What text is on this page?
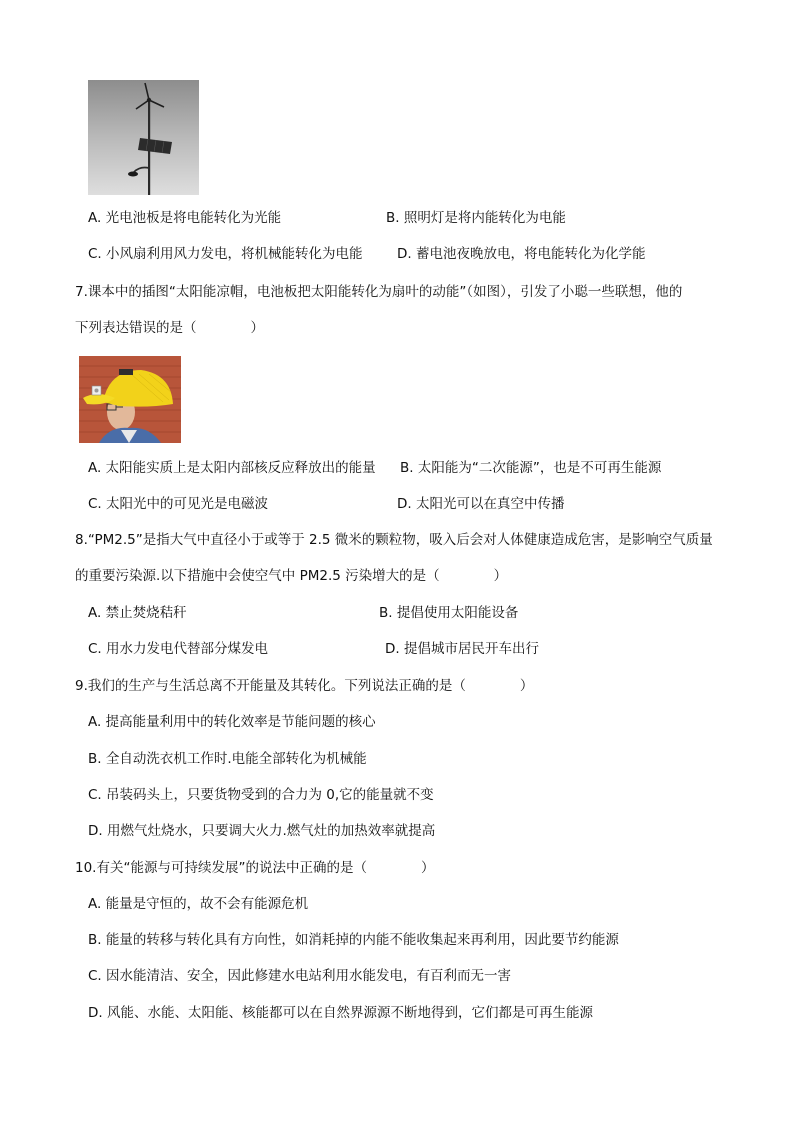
A. 光电池板是将电能转化为光能	B. 照明灯是将内能转化为电能
C. 小风扇利用风力发电，将机械能转化为电能	D. 蓄电池夜晚放电，将电能转化为化学能
7.课本中的插图“太阳能凉帽，电池板把太阳能转化为扇叶的动能”（如图），引发了小聪一些联想，他的
下列表达错误的是（　　　　）
A. 太阳能实质上是太阳内部核反应释放出的能量 B. 太阳能为“二次能源”，也是不可再生能源
C. 太阳光中的可见光是电磁波	D. 太阳光可以在真空中传播
8.“PM2.5”是指大气中直径小于或等于 2.5 微米的颗粒物，吸入后会对人体健康造成危害，是影响空气质量
的重要污染源.以下措施中会使空气中 PM2.5 污染增大的是（　　　　）
A. 禁止焚烧秸秆	B. 提倡使用太阳能设备
C. 用水力发电代替部分煤发电	D. 提倡城市居民开车出行
9.我们的生产与生活总离不开能量及其转化。下列说法正确的是（　　　　）
A. 提高能量利用中的转化效率是节能问题的核心
B. 全自动洗衣机工作时.电能全部转化为机械能
C. 吊装码头上，只要货物受到的合力为 0,它的能量就不变
D. 用燃气灶烧水，只要调大火力.燃气灶的加热效率就提高
10.有关“能源与可持续发展”的说法中正确的是（　　　　）
A. 能量是守恒的，故不会有能源危机
B. 能量的转移与转化具有方向性，如消耗掉的内能不能收集起来再利用，因此要节约能源
C. 因水能清洁、安全，因此修建水电站利用水能发电，有百利而无一害
D. 风能、水能、太阳能、核能都可以在自然界源源不断地得到，它们都是可再生能源
